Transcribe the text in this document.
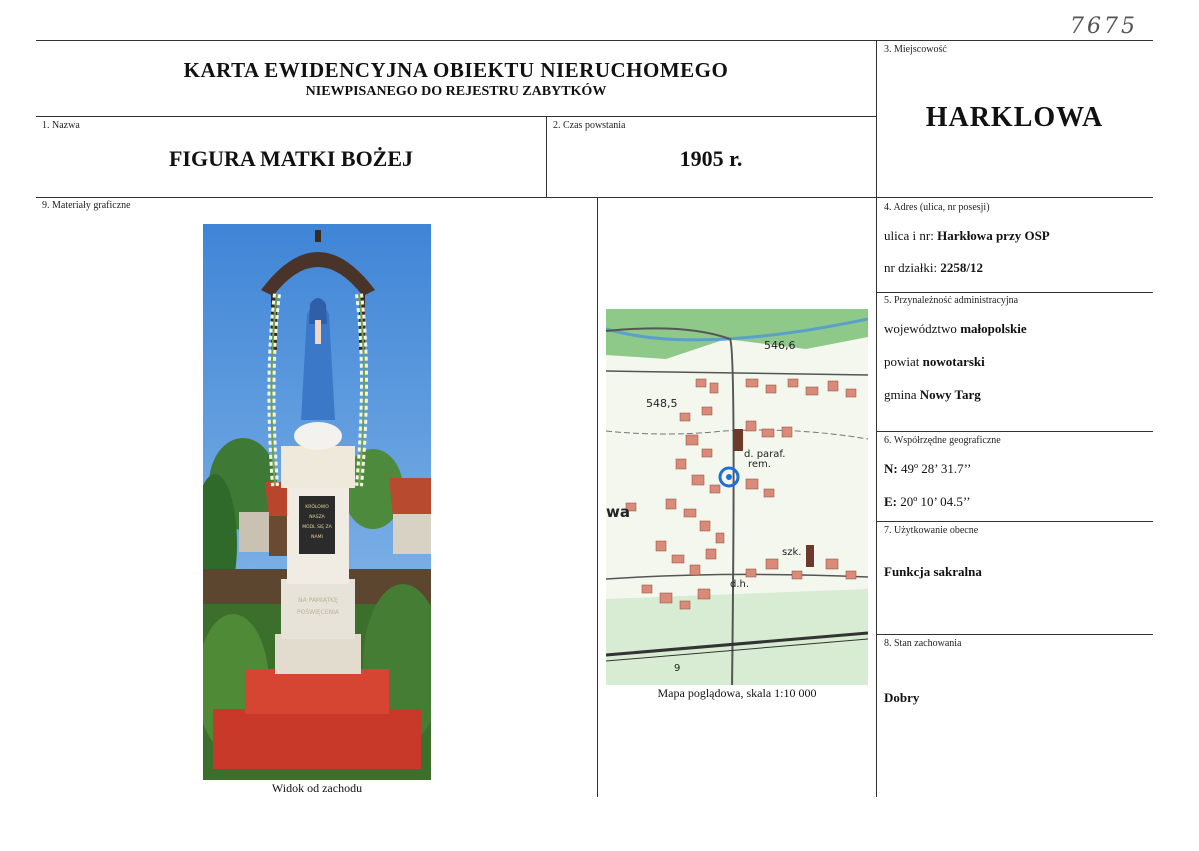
7675
KARTA EWIDENCYJNA OBIEKTU NIERUCHOMEGO
NIEWPISANEGO DO REJESTRU ZABYTKÓW
1. Nazwa
FIGURA MATKI BOŻEJ
2. Czas powstania
1905 r.
3. Miejscowość
HARKLOWA
4. Adres (ulica, nr posesji)
ulica i nr: Harkłowa przy OSP
nr działki: 2258/12
5. Przynależność administracyjna
województwo małopolskie
powiat nowotarski
gmina Nowy Targ
6. Współrzędne geograficzne
N: 49º 28’ 31.7’’
E: 20º 10’ 04.5’’
7. Użytkowanie obecne
Funkcja sakralna
8. Stan zachowania
Dobry
9. Materiały graficzne
KRÓLOWO
NASZA
MÓDL SIĘ ZA
NAMI
NA PAMIĄTKĘ
POŚWIĘCENIA
Widok od zachodu
546,6
548,5
d. paraf.
rem.
wa
szk.
d.h.
9
Mapa poglądowa, skala 1:10 000
